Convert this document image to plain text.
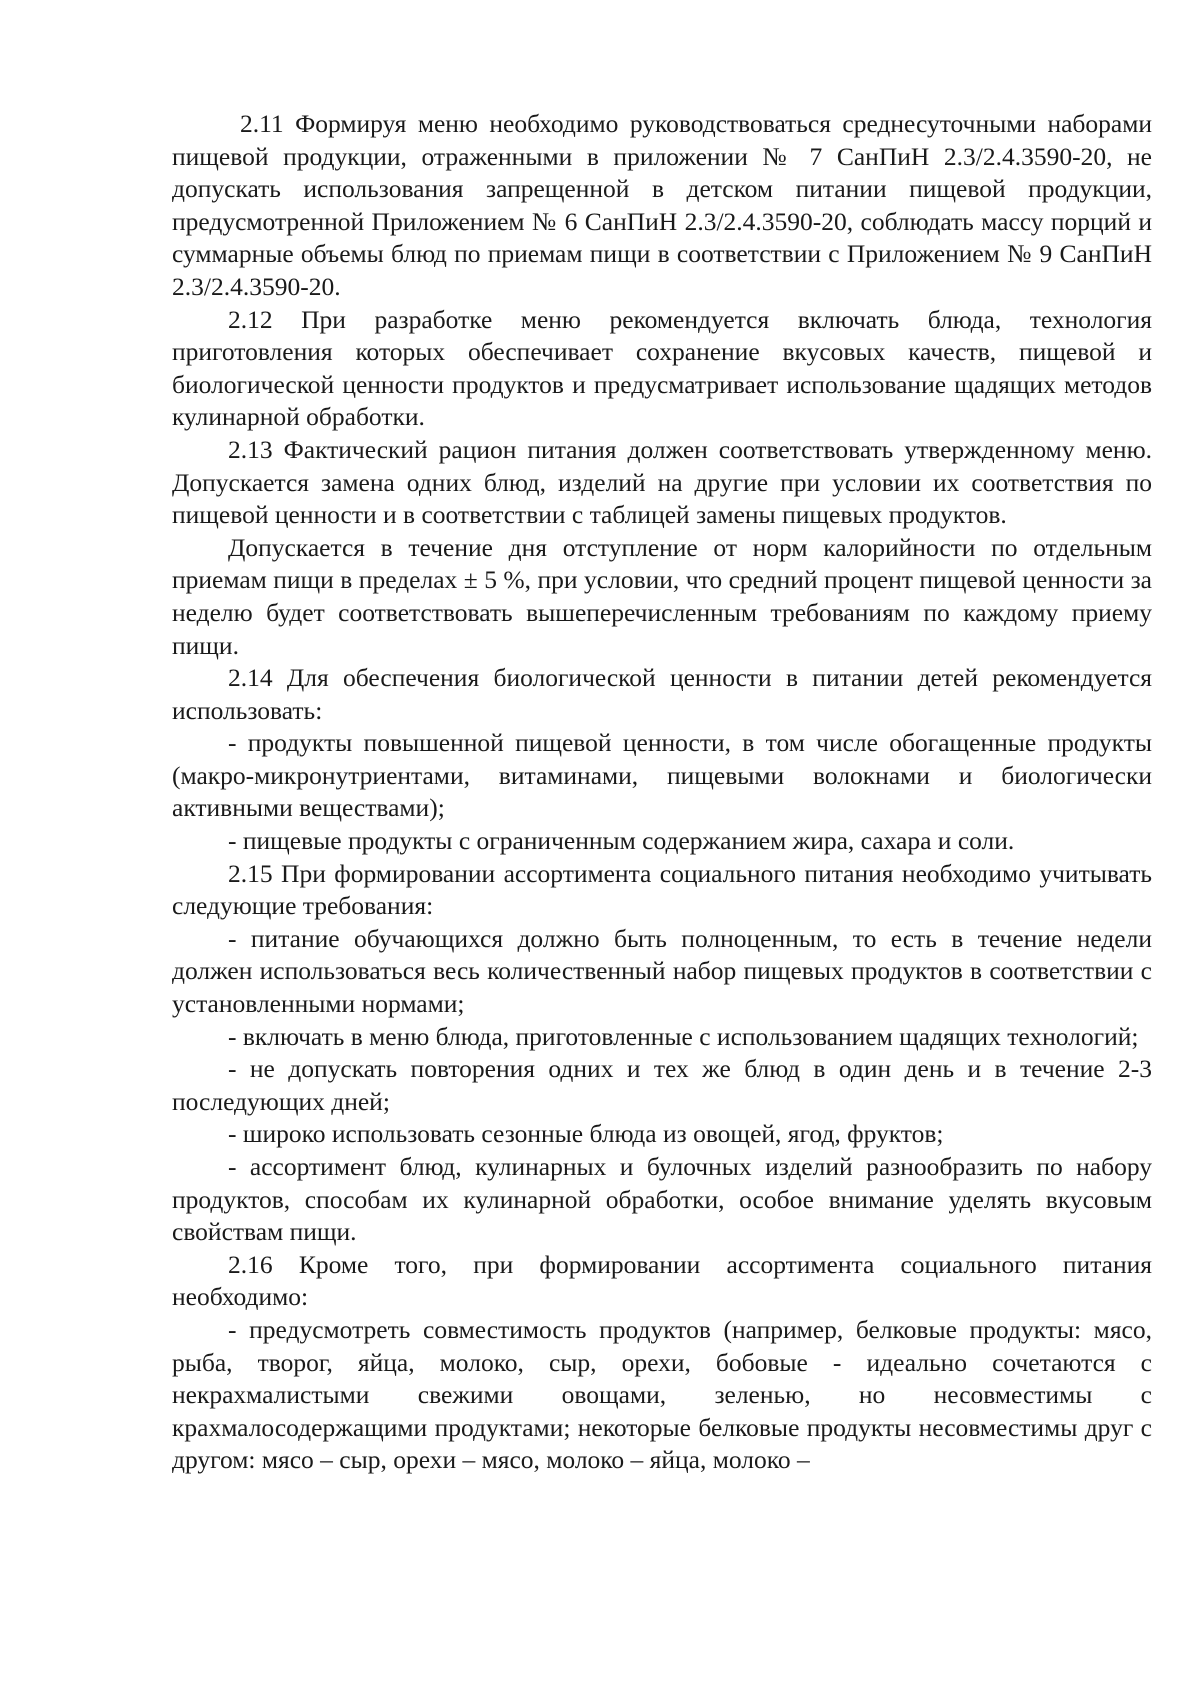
2.11 Формируя меню необходимо руководствоваться среднесуточными наборами пищевой продукции, отраженными в приложении № 7 СанПиН 2.3/2.4.3590-20, не допускать использования запрещенной в детском питании пищевой продукции, предусмотренной Приложением № 6 СанПиН 2.3/2.4.3590-20, соблюдать массу порций и суммарные объемы блюд по приемам пищи в соответствии с Приложением № 9 СанПиН 2.3/2.4.3590-20.

2.12 При разработке меню рекомендуется включать блюда, технология приготовления которых обеспечивает сохранение вкусовых качеств, пищевой и биологической ценности продуктов и предусматривает использование щадящих методов кулинарной обработки.

2.13 Фактический рацион питания должен соответствовать утвержденному меню. Допускается замена одних блюд, изделий на другие при условии их соответствия по пищевой ценности и в соответствии с таблицей замены пищевых продуктов.

Допускается в течение дня отступление от норм калорийности по отдельным приемам пищи в пределах ± 5 %, при условии, что средний процент пищевой ценности за неделю будет соответствовать вышеперечисленным требованиям по каждому приему пищи.

2.14 Для обеспечения биологической ценности в питании детей рекомендуется использовать:

- продукты повышенной пищевой ценности, в том числе обогащенные продукты (макро-микронутриентами, витаминами, пищевыми волокнами и биологически активными веществами);

- пищевые продукты с ограниченным содержанием жира, сахара и соли.

2.15 При формировании ассортимента социального питания необходимо учитывать следующие требования:

- питание обучающихся должно быть полноценным, то есть в течение недели должен использоваться весь количественный набор пищевых продуктов в соответствии с установленными нормами;

- включать в меню блюда, приготовленные с использованием щадящих технологий;

- не допускать повторения одних и тех же блюд в один день и в течение 2-3 последующих дней;

- широко использовать сезонные блюда из овощей, ягод, фруктов;

- ассортимент блюд, кулинарных и булочных изделий разнообразить по набору продуктов, способам их кулинарной обработки, особое внимание уделять вкусовым свойствам пищи.

2.16 Кроме того, при формировании ассортимента социального питания необходимо:

- предусмотреть совместимость продуктов (например, белковые продукты: мясо, рыба, творог, яйца, молоко, сыр, орехи, бобовые - идеально сочетаются с некрахмалистыми свежими овощами, зеленью, но несовместимы с крахмалосодержащими продуктами; некоторые белковые продукты несовместимы друг с другом: мясо – сыр, орехи – мясо, молоко – яйца, молоко –
